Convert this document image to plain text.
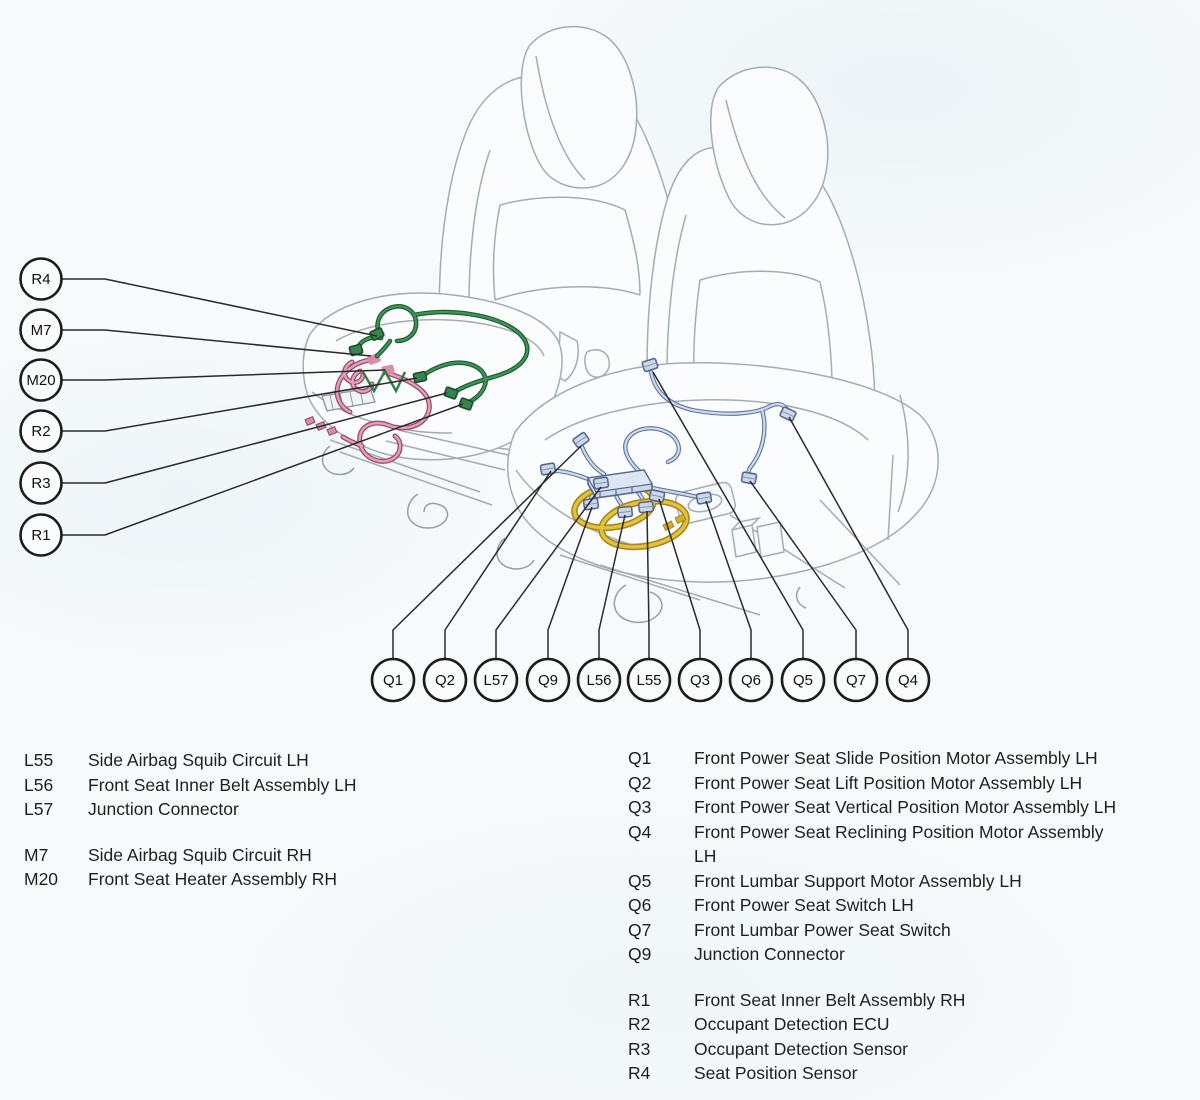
R4
M7
M20
R2
R3
R1
Q1 Q2 L57 Q9 L56 L55 Q3 Q6 Q5 Q7 Q4
L55	Side Airbag Squib Circuit LH
L56	Front Seat Inner Belt Assembly LH
L57	Junction Connector
M7	Side Airbag Squib Circuit RH
M20	Front Seat Heater Assembly RH
Q1	Front Power Seat Slide Position Motor Assembly LH
Q2	Front Power Seat Lift Position Motor Assembly LH
Q3	Front Power Seat Vertical Position Motor Assembly LH
Q4	Front Power Seat Reclining Position Motor Assembly
LH
Q5	Front Lumbar Support Motor Assembly LH
Q6	Front Power Seat Switch LH
Q7	Front Lumbar Power Seat Switch
Q9	Junction Connector
R1	Front Seat Inner Belt Assembly RH
R2	Occupant Detection ECU
R3	Occupant Detection Sensor
R4	Seat Position Sensor
